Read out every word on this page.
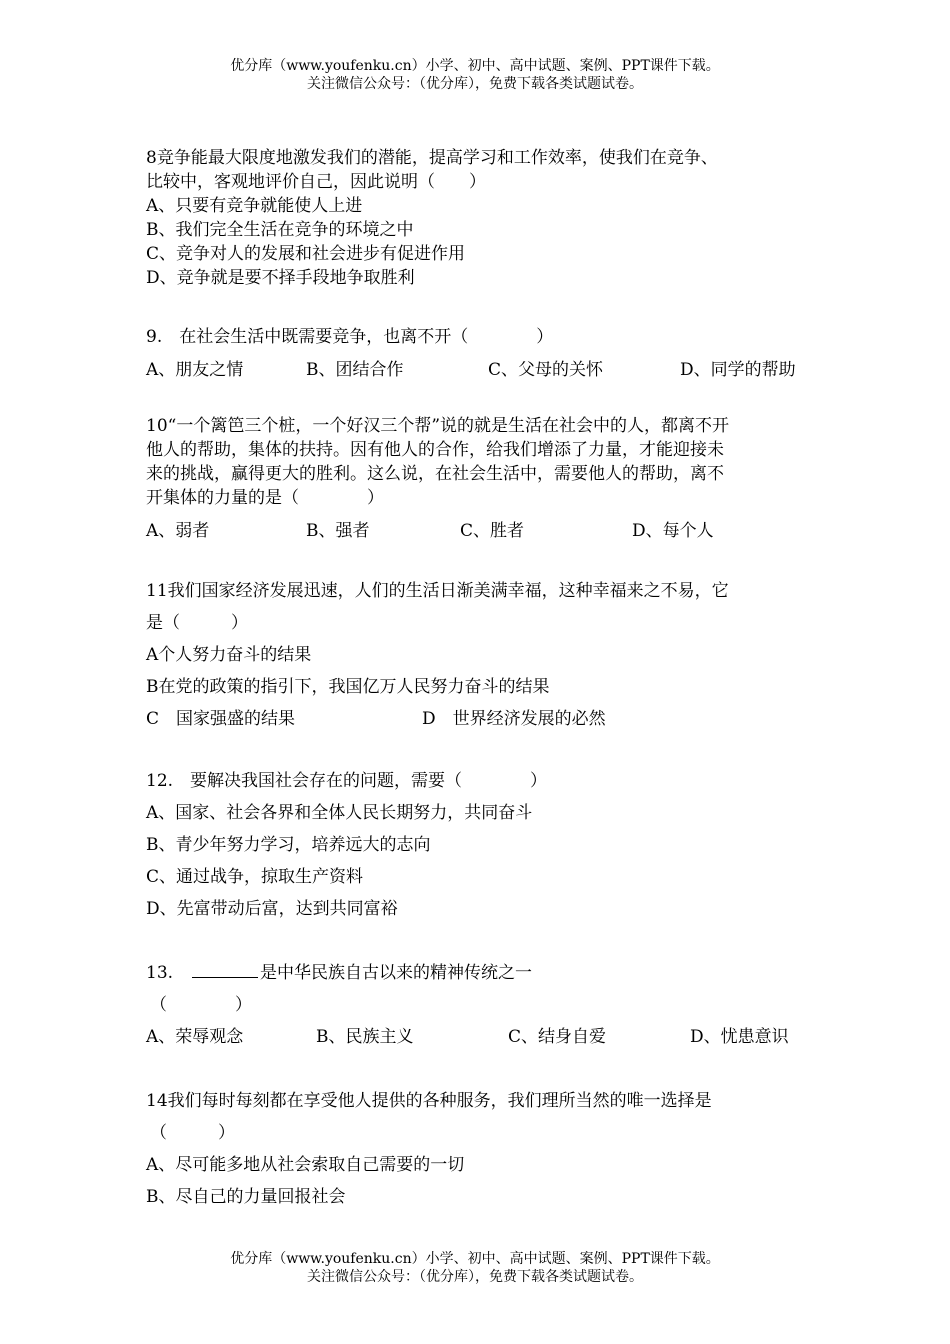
优分库（www.youfenku.cn）小学、初中、高中试题、案例、PPT课件下载。
关注微信公众号：（优分库），免费下载各类试题试卷。
8竞争能最大限度地激发我们的潜能，提高学习和工作效率，使我们在竞争、
比较中，客观地评价自己，因此说明（　　）
A、只要有竞争就能使人上进
B、我们完全生活在竞争的环境之中
C、竞争对人的发展和社会进步有促进作用
D、竞争就是要不择手段地争取胜利
9.　在社会生活中既需要竞争，也离不开（　　　　）
A、朋友之情	B、团结合作	C、父母的关怀	D、同学的帮助
10“一个篱笆三个桩，一个好汉三个帮”说的就是生活在社会中的人，都离不开
他人的帮助，集体的扶持。因有他人的合作，给我们增添了力量，才能迎接未
来的挑战，赢得更大的胜利。这么说，在社会生活中，需要他人的帮助，离不
开集体的力量的是（　　　　）
A、弱者	B、强者	C、胜者	D、每个人
11我们国家经济发展迅速，人们的生活日渐美满幸福，这种幸福来之不易，它
是（　　　）
A个人努力奋斗的结果
B在党的政策的指引下，我国亿万人民努力奋斗的结果
C　国家强盛的结果	D　世界经济发展的必然
12.　要解决我国社会存在的问题，需要（　　　　）
A、国家、社会各界和全体人民长期努力，共同奋斗
B、青少年努力学习，培养远大的志向
C、通过战争，掠取生产资料
D、先富带动后富，达到共同富裕
13.　	是中华民族自古以来的精神传统之一
（　　　　）
A、荣辱观念	B、民族主义	C、结身自爱	D、忧患意识
14我们每时每刻都在享受他人提供的各种服务，我们理所当然的唯一选择是
（　　　）
A、尽可能多地从社会索取自己需要的一切
B、尽自己的力量回报社会
优分库（www.youfenku.cn）小学、初中、高中试题、案例、PPT课件下载。
关注微信公众号：（优分库），免费下载各类试题试卷。
